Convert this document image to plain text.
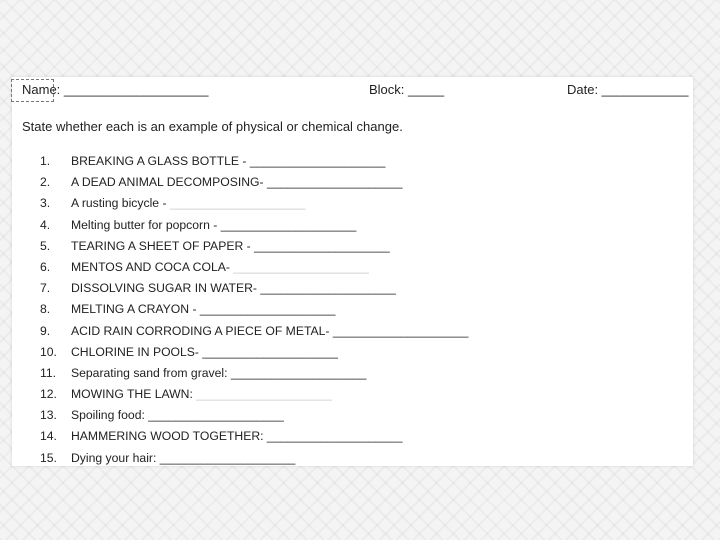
Name: ____________________	Block: _____	Date: ____________
State whether each is an example of physical or chemical change.
1. BREAKING A GLASS BOTTLE - ____________________
2. A DEAD ANIMAL DECOMPOSING- ____________________
3. A rusting bicycle - ____________________
4. Melting butter for popcorn - ____________________
5. TEARING A SHEET OF PAPER - ____________________
6. MENTOS AND COCA COLA- ____________________
7. DISSOLVING SUGAR IN WATER- ____________________
8. MELTING A CRAYON - ____________________
9. ACID RAIN CORRODING A PIECE OF METAL- ____________________
10. CHLORINE IN POOLS- ____________________
11. Separating sand from gravel: ____________________
12. MOWING THE LAWN: ____________________
13. Spoiling food: ____________________
14. HAMMERING WOOD TOGETHER: ____________________
15. Dying your hair: ____________________
